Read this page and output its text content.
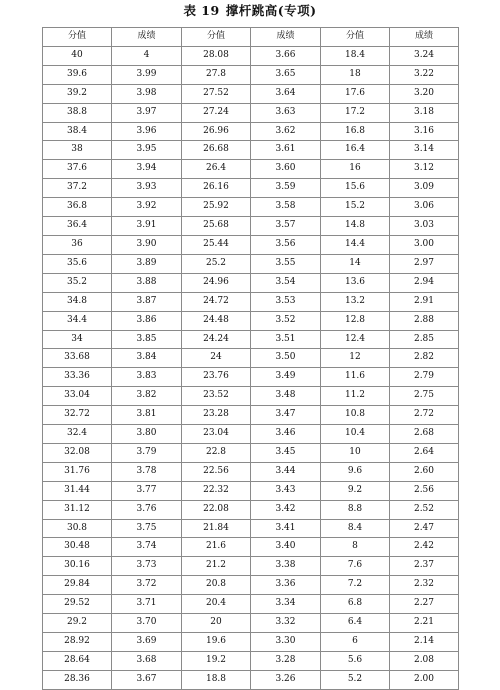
表 19 撑杆跳高(专项)
分值	成绩	分值	成绩	分值	成绩
40	4	28.08	3.66	18.4	3.24
39.6	3.99	27.8	3.65	18	3.22
39.2	3.98	27.52	3.64	17.6	3.20
38.8	3.97	27.24	3.63	17.2	3.18
38.4	3.96	26.96	3.62	16.8	3.16
38	3.95	26.68	3.61	16.4	3.14
37.6	3.94	26.4	3.60	16	3.12
37.2	3.93	26.16	3.59	15.6	3.09
36.8	3.92	25.92	3.58	15.2	3.06
36.4	3.91	25.68	3.57	14.8	3.03
36	3.90	25.44	3.56	14.4	3.00
35.6	3.89	25.2	3.55	14	2.97
35.2	3.88	24.96	3.54	13.6	2.94
34.8	3.87	24.72	3.53	13.2	2.91
34.4	3.86	24.48	3.52	12.8	2.88
34	3.85	24.24	3.51	12.4	2.85
33.68	3.84	24	3.50	12	2.82
33.36	3.83	23.76	3.49	11.6	2.79
33.04	3.82	23.52	3.48	11.2	2.75
32.72	3.81	23.28	3.47	10.8	2.72
32.4	3.80	23.04	3.46	10.4	2.68
32.08	3.79	22.8	3.45	10	2.64
31.76	3.78	22.56	3.44	9.6	2.60
31.44	3.77	22.32	3.43	9.2	2.56
31.12	3.76	22.08	3.42	8.8	2.52
30.8	3.75	21.84	3.41	8.4	2.47
30.48	3.74	21.6	3.40	8	2.42
30.16	3.73	21.2	3.38	7.6	2.37
29.84	3.72	20.8	3.36	7.2	2.32
29.52	3.71	20.4	3.34	6.8	2.27
29.2	3.70	20	3.32	6.4	2.21
28.92	3.69	19.6	3.30	6	2.14
28.64	3.68	19.2	3.28	5.6	2.08
28.36	3.67	18.8	3.26	5.2	2.00
